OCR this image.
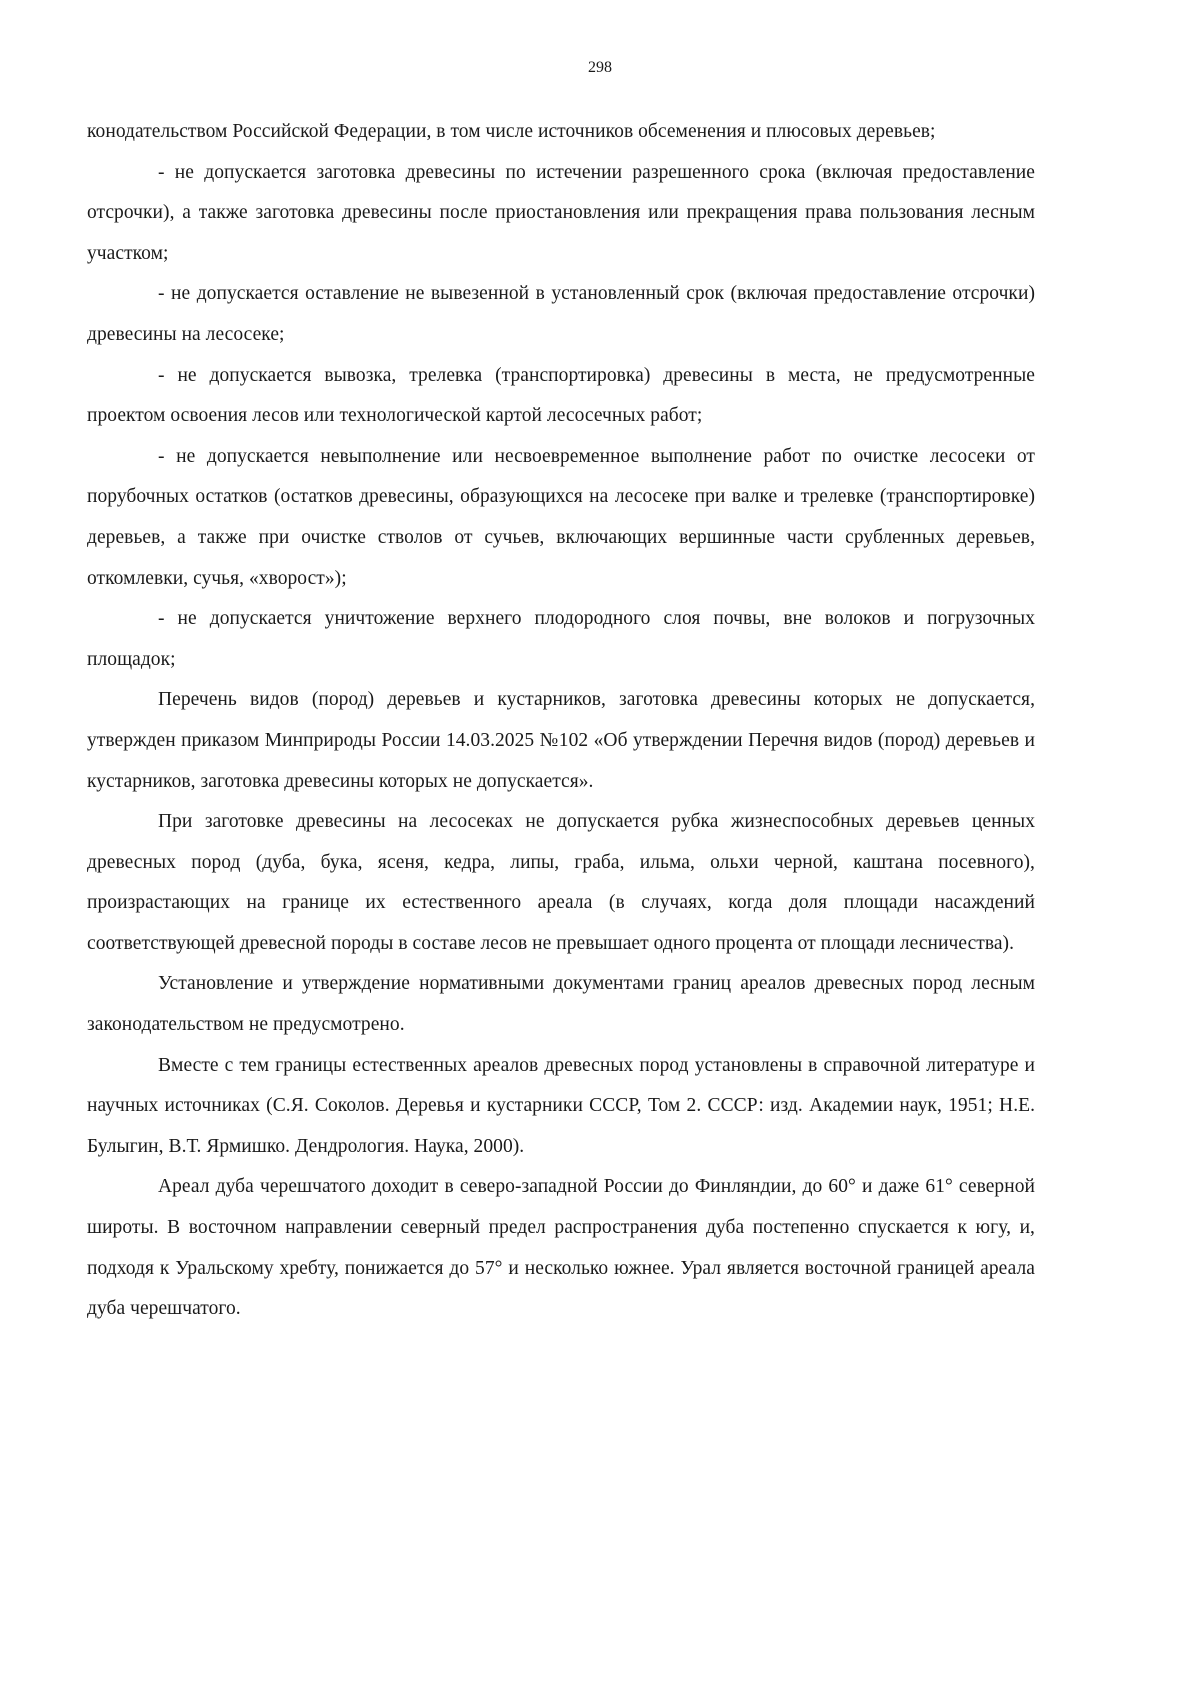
298

конодательством Российской Федерации, в том числе источников обсеменения и плюсовых деревьев;

- не допускается заготовка древесины по истечении разрешенного срока (включая предоставление отсрочки), а также заготовка древесины после приостановления или прекращения права пользования лесным участком;

- не допускается оставление не вывезенной в установленный срок (включая предоставление отсрочки) древесины на лесосеке;

- не допускается вывозка, трелевка (транспортировка) древесины в места, не предусмотренные проектом освоения лесов или технологической картой лесосечных работ;

- не допускается невыполнение или несвоевременное выполнение работ по очистке лесосеки от порубочных остатков (остатков древесины, образующихся на лесосеке при валке и трелевке (транспортировке) деревьев, а также при очистке стволов от сучьев, включающих вершинные части срубленных деревьев, откомлевки, сучья, «хворост»);

- не допускается уничтожение верхнего плодородного слоя почвы, вне волоков и погрузочных площадок;

Перечень видов (пород) деревьев и кустарников, заготовка древесины которых не допускается, утвержден приказом Минприроды России 14.03.2025 №102 «Об утверждении Перечня видов (пород) деревьев и кустарников, заготовка древесины которых не допускается».

При заготовке древесины на лесосеках не допускается рубка жизнеспособных деревьев ценных древесных пород (дуба, бука, ясеня, кедра, липы, граба, ильма, ольхи черной, каштана посевного), произрастающих на границе их естественного ареала (в случаях, когда доля площади насаждений соответствующей древесной породы в составе лесов не превышает одного процента от площади лесничества).

Установление и утверждение нормативными документами границ ареалов древесных пород лесным законодательством не предусмотрено.

Вместе с тем границы естественных ареалов древесных пород установлены в справочной литературе и научных источниках (С.Я. Соколов. Деревья и кустарники СССР, Том 2. СССР: изд. Академии наук, 1951; Н.Е. Булыгин, В.Т. Ярмишко. Дендрология. Наука, 2000).

Ареал дуба черешчатого доходит в северо-западной России до Финляндии, до 60° и даже 61° северной широты. В восточном направлении северный предел распространения дуба постепенно спускается к югу, и, подходя к Уральскому хребту, понижается до 57° и несколько южнее. Урал является восточной границей ареала дуба черешчатого.
